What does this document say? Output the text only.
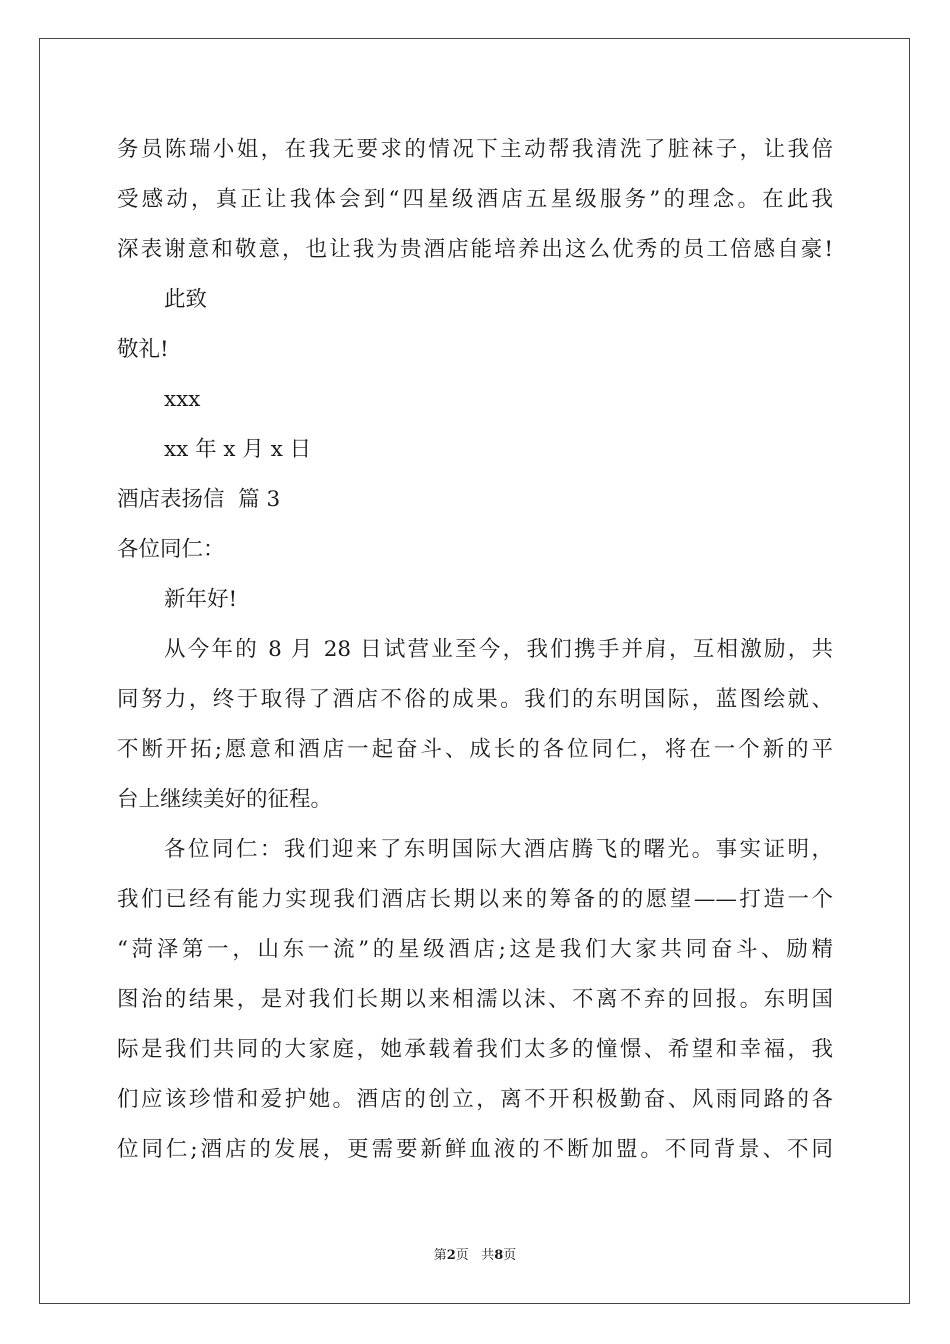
务员陈瑞小姐，在我无要求的情况下主动帮我清洗了脏袜子，让我倍
受感动，真正让我体会到“四星级酒店五星级服务”的理念。在此我
深表谢意和敬意，也让我为贵酒店能培养出这么优秀的员工倍感自豪!
此致
敬礼!
xxx
xx 年 x 月 x 日
酒店表扬信  篇 3
各位同仁：
新年好!
从今年的 8 月 28 日试营业至今，我们携手并肩，互相激励，共
同努力，终于取得了酒店不俗的成果。我们的东明国际，蓝图绘就、
不断开拓;愿意和酒店一起奋斗、成长的各位同仁，将在一个新的平
台上继续美好的征程。
各位同仁：我们迎来了东明国际大酒店腾飞的曙光。事实证明，
我们已经有能力实现我们酒店长期以来的筹备的的愿望——打造一个
“菏泽第一，山东一流”的星级酒店;这是我们大家共同奋斗、励精
图治的结果，是对我们长期以来相濡以沫、不离不弃的回报。东明国
际是我们共同的大家庭，她承载着我们太多的憧憬、希望和幸福，我
们应该珍惜和爱护她。酒店的创立，离不开积极勤奋、风雨同路的各
位同仁;酒店的发展，更需要新鲜血液的不断加盟。不同背景、不同
第2页 共8页
